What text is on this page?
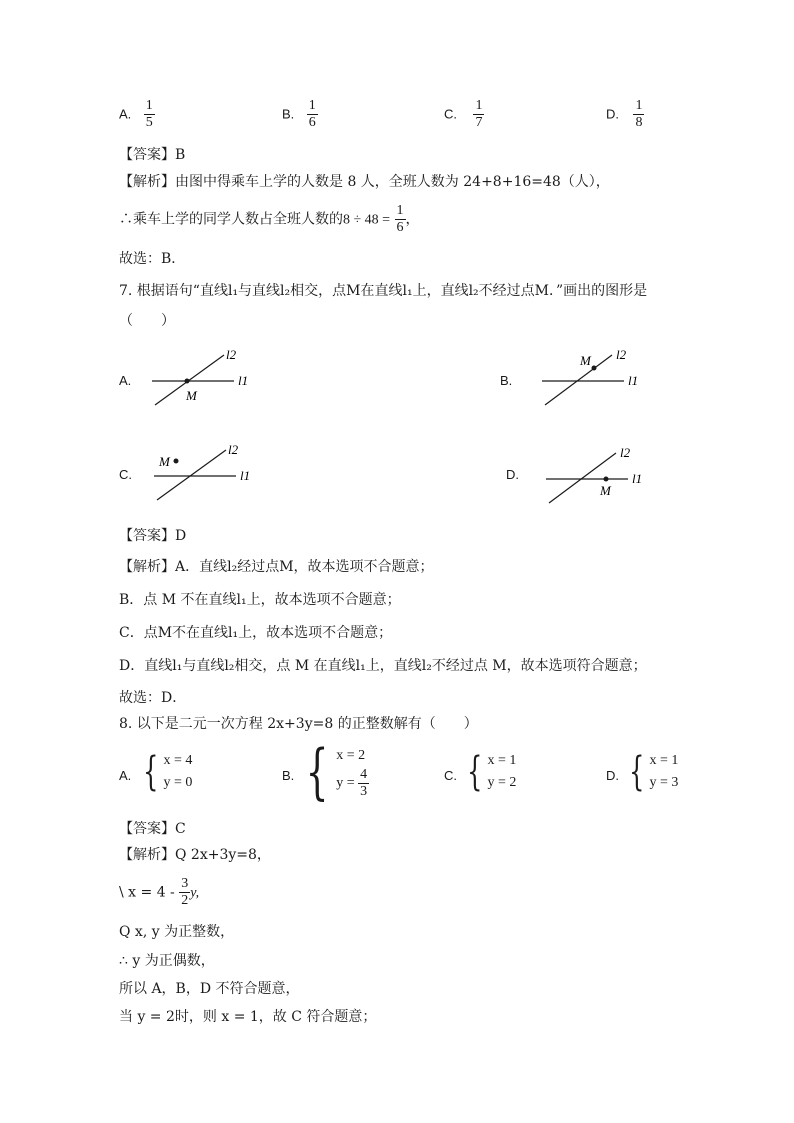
A. $\frac{1}{5}$	B. $\frac{1}{6}$	C. $\frac{1}{7}$	D. $\frac{1}{8}$
【答案】B
【解析】由图中得乘车上学的人数是 8 人，全班人数为 24+8+16=48（人），
∴乘车上学的同学人数占全班人数的$8 \div 48 = \frac{1}{6}$ ，
故选：B．
7. 根据语句“直线l₁与直线l₂相交，点M在直线l₁上，直线l₂不经过点M．”画出的图形是
（　　）
A.
l2
l1
M
B.
M l2
l1
C.
M
l2
l1	D.
l2
l1
M
【答案】D
【解析】A．直线l₂经过点M，故本选项不合题意；
B．点 M 不在直线l₁上，故本选项不合题意；
C．点M不在直线l₁上，故本选项不合题意；
D．直线l₁与直线l₂相交，点 M 在直线l₁上，直线l₂不经过点 M，故本选项符合题意；
故选：D．
8. 以下是二元一次方程 2x+3y=8 的正整数解有（　　）
A. { x = 4
y = 0	B. { x = 2
$y = \frac{4}{3}$	C. { x = 1
y = 2	D. { x = 1
y = 3
【答案】C
【解析】Q 2x+3y=8，
\ $x = 4 - \frac{3}{2} y$,
Q x, y 为正整数，
∴ y 为正偶数，
所以 A，B，D 不符合题意，
当 y = 2时，则 x = 1，故 C 符合题意；
